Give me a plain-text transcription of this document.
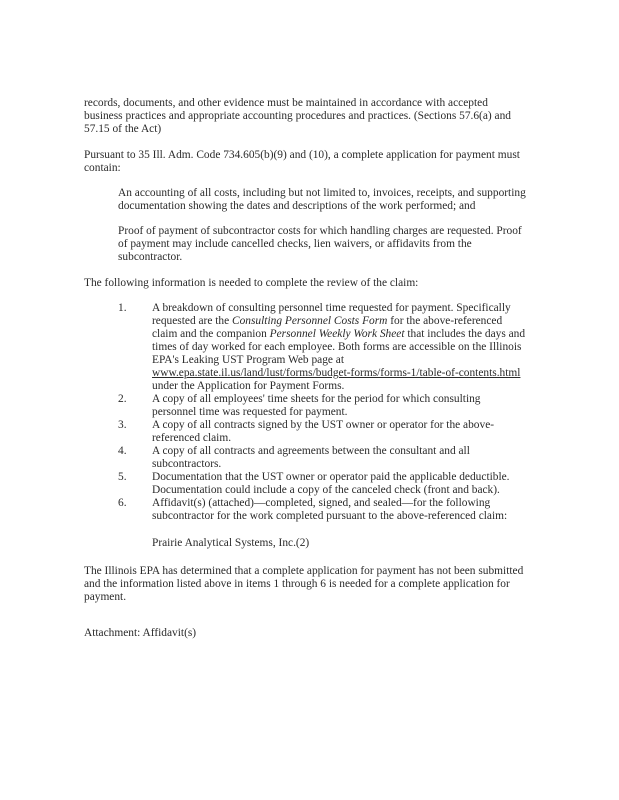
records, documents, and other evidence must be maintained in accordance with accepted
business practices and appropriate accounting procedures and practices. (Sections 57.6(a) and
57.15 of the Act)
Pursuant to 35 Ill. Adm. Code 734.605(b)(9) and (10), a complete application for payment must
contain:
An accounting of all costs, including but not limited to, invoices, receipts, and supporting
documentation showing the dates and descriptions of the work performed; and
Proof of payment of subcontractor costs for which handling charges are requested. Proof
of payment may include cancelled checks, lien waivers, or affidavits from the
subcontractor.
The following information is needed to complete the review of the claim:
1. A breakdown of consulting personnel time requested for payment. Specifically
requested are the Consulting Personnel Costs Form for the above-referenced
claim and the companion Personnel Weekly Work Sheet that includes the days and
times of day worked for each employee. Both forms are accessible on the Illinois
EPA's Leaking UST Program Web page at
www.epa.state.il.us/land/lust/forms/budget-forms/forms-1/table-of-contents.html
under the Application for Payment Forms.
2. A copy of all employees' time sheets for the period for which consulting
personnel time was requested for payment.
3. A copy of all contracts signed by the UST owner or operator for the above-
referenced claim.
4. A copy of all contracts and agreements between the consultant and all
subcontractors.
5. Documentation that the UST owner or operator paid the applicable deductible.
Documentation could include a copy of the canceled check (front and back).
6. Affidavit(s) (attached)—completed, signed, and sealed—for the following
subcontractor for the work completed pursuant to the above-referenced claim:
Prairie Analytical Systems, Inc.(2)
The Illinois EPA has determined that a complete application for payment has not been submitted
and the information listed above in items 1 through 6 is needed for a complete application for
payment.
Attachment: Affidavit(s)
